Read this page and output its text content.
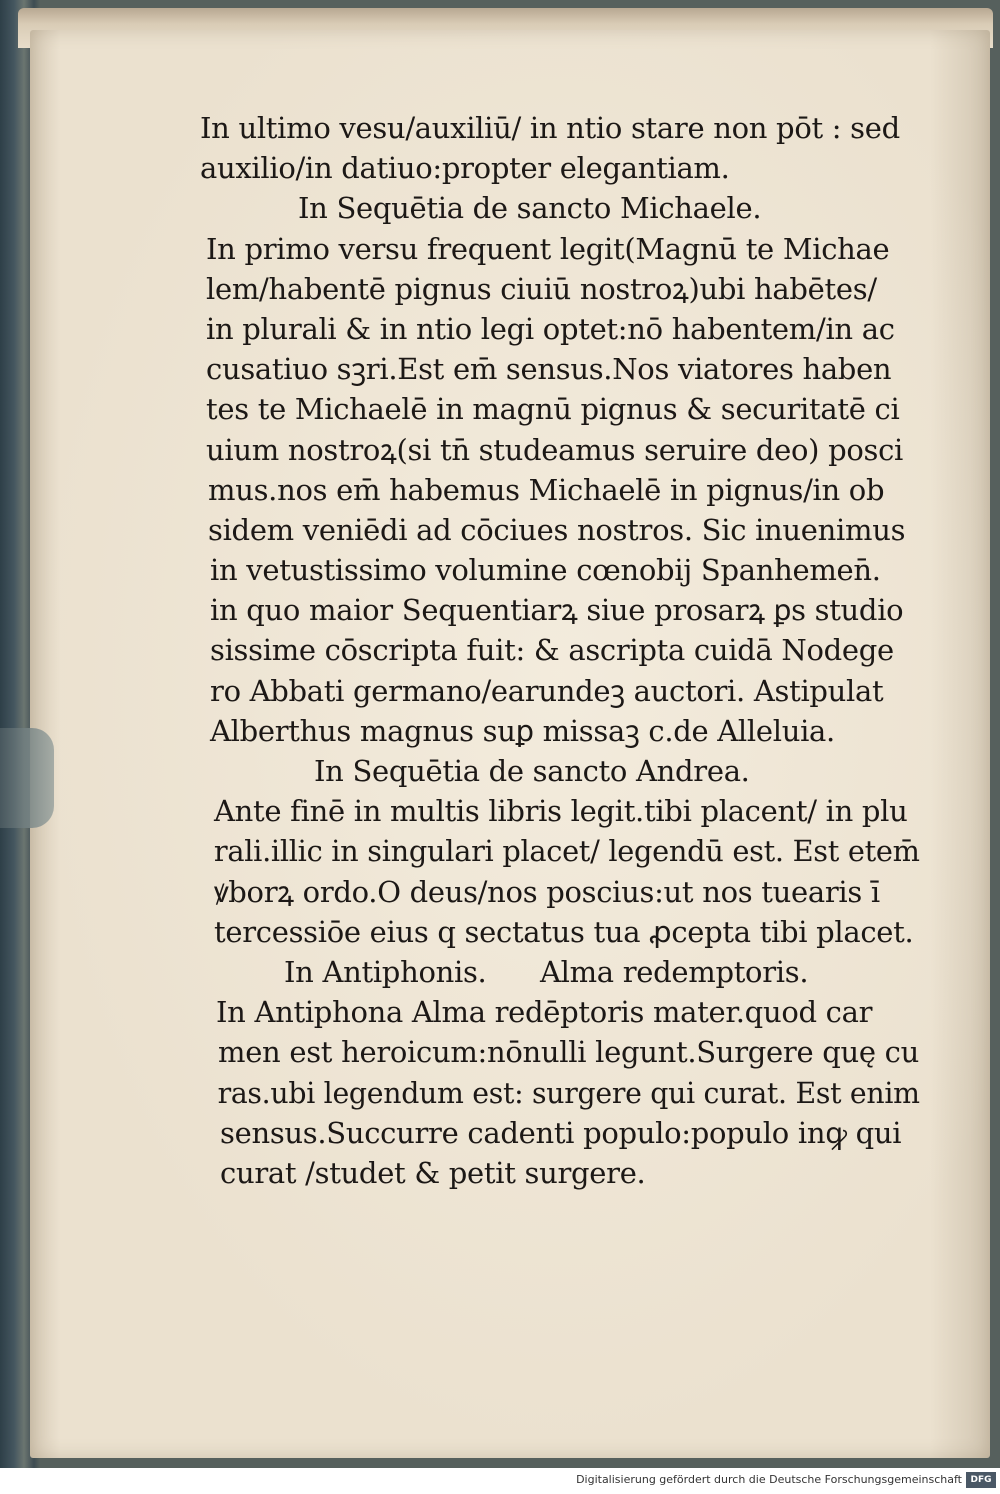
In ultimo vesu/auxiliū/ in ntio stare non pōt : sed
auxilio/in datiuo:propter elegantiam.
In Sequētia de sancto Michaele.
In primo versu frequent legit(Magnū te Michae
lem/habentē pignus ciuiū nostroꝝ)ubi habētes/
in plurali & in ntio legi optet:nō habentem/in ac
cusatiuo sꝫri.Est em̄ sensus.Nos viatores haben
tes te Michaelē in magnū pignus & securitatē ci
uium nostroꝝ(si tn̄ studeamus seruire deo) posci
mus.nos em̄ habemus Michaelē in pignus/in ob
sidem veniēdi ad cōciues nostros. Sic inuenimus
in vetustissimo volumine cœnobij Spanhemen̄.
in quo maior Sequentiarꝝ siue prosarꝝ ꝑs studio
sissime cōscripta fuit: & ascripta cuidā Nodege
ro Abbati germano/earundeꝫ auctori. Astipulat
Alberthus magnus suꝑ missaꝫ c.de Alleluia.
In Sequētia de sancto Andrea.
Ante finē in multis libris legit.tibi placent/ in plu
rali.illic in singulari placet/ legendū est. Est etem̄
ꝟborꝝ ordo.O deus/nos poscius:ut nos tuearis ī
tercessiōe eius q sectatus tua ꝓcepta tibi placet.
In Antiphonis.      Alma redemptoris.
In Antiphona Alma redēptoris mater.quod car
men est heroicum:nōnulli legunt.Surgere quę cu
ras.ubi legendum est: surgere qui curat. Est enim
sensus.Succurre cadenti populo:populo inꝙ qui
curat /studet & petit surgere.
Digitalisierung gefördert durch die Deutsche Forschungsgemeinschaft DFG
